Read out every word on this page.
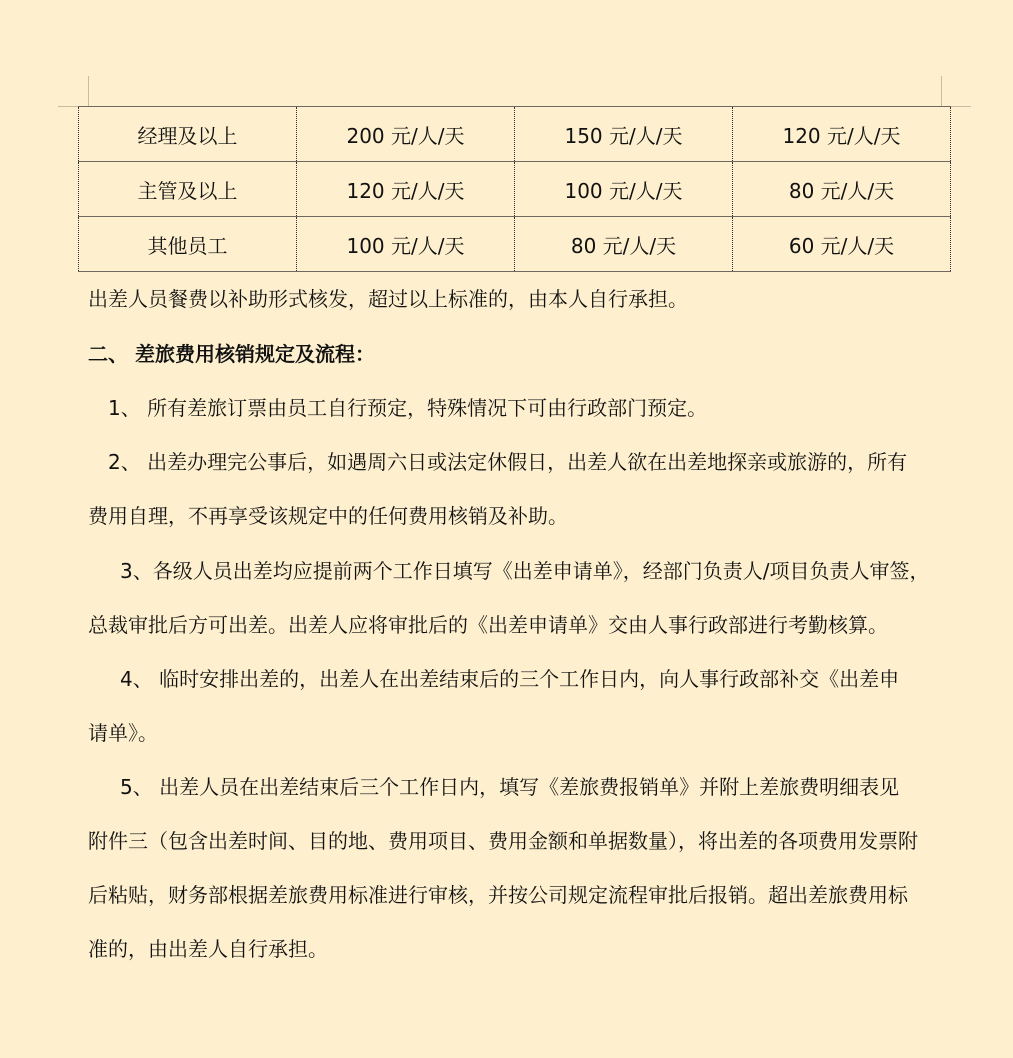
经理及以上	200 元/人/天	150 元/人/天	120 元/人/天
主管及以上	120 元/人/天	100 元/人/天	80 元/人/天
其他员工	100 元/人/天	80 元/人/天	60 元/人/天
出差人员餐费以补助形式核发，超过以上标准的，由本人自行承担。
二、 差旅费用核销规定及流程：
1、 所有差旅订票由员工自行预定，特殊情况下可由行政部门预定。
2、 出差办理完公事后，如遇周六日或法定休假日，出差人欲在出差地探亲或旅游的，所有
费用自理，不再享受该规定中的任何费用核销及补助。
3、各级人员出差均应提前两个工作日填写《出差申请单》，经部门负责人/项目负责人审签，
总裁审批后方可出差。出差人应将审批后的《出差申请单》交由人事行政部进行考勤核算。
4、 临时安排出差的，出差人在出差结束后的三个工作日内，向人事行政部补交《出差申
请单》。
5、 出差人员在出差结束后三个工作日内，填写《差旅费报销单》并附上差旅费明细表见
附件三（包含出差时间、目的地、费用项目、费用金额和单据数量），将出差的各项费用发票附
后粘贴，财务部根据差旅费用标准进行审核，并按公司规定流程审批后报销。超出差旅费用标
准的，由出差人自行承担。
